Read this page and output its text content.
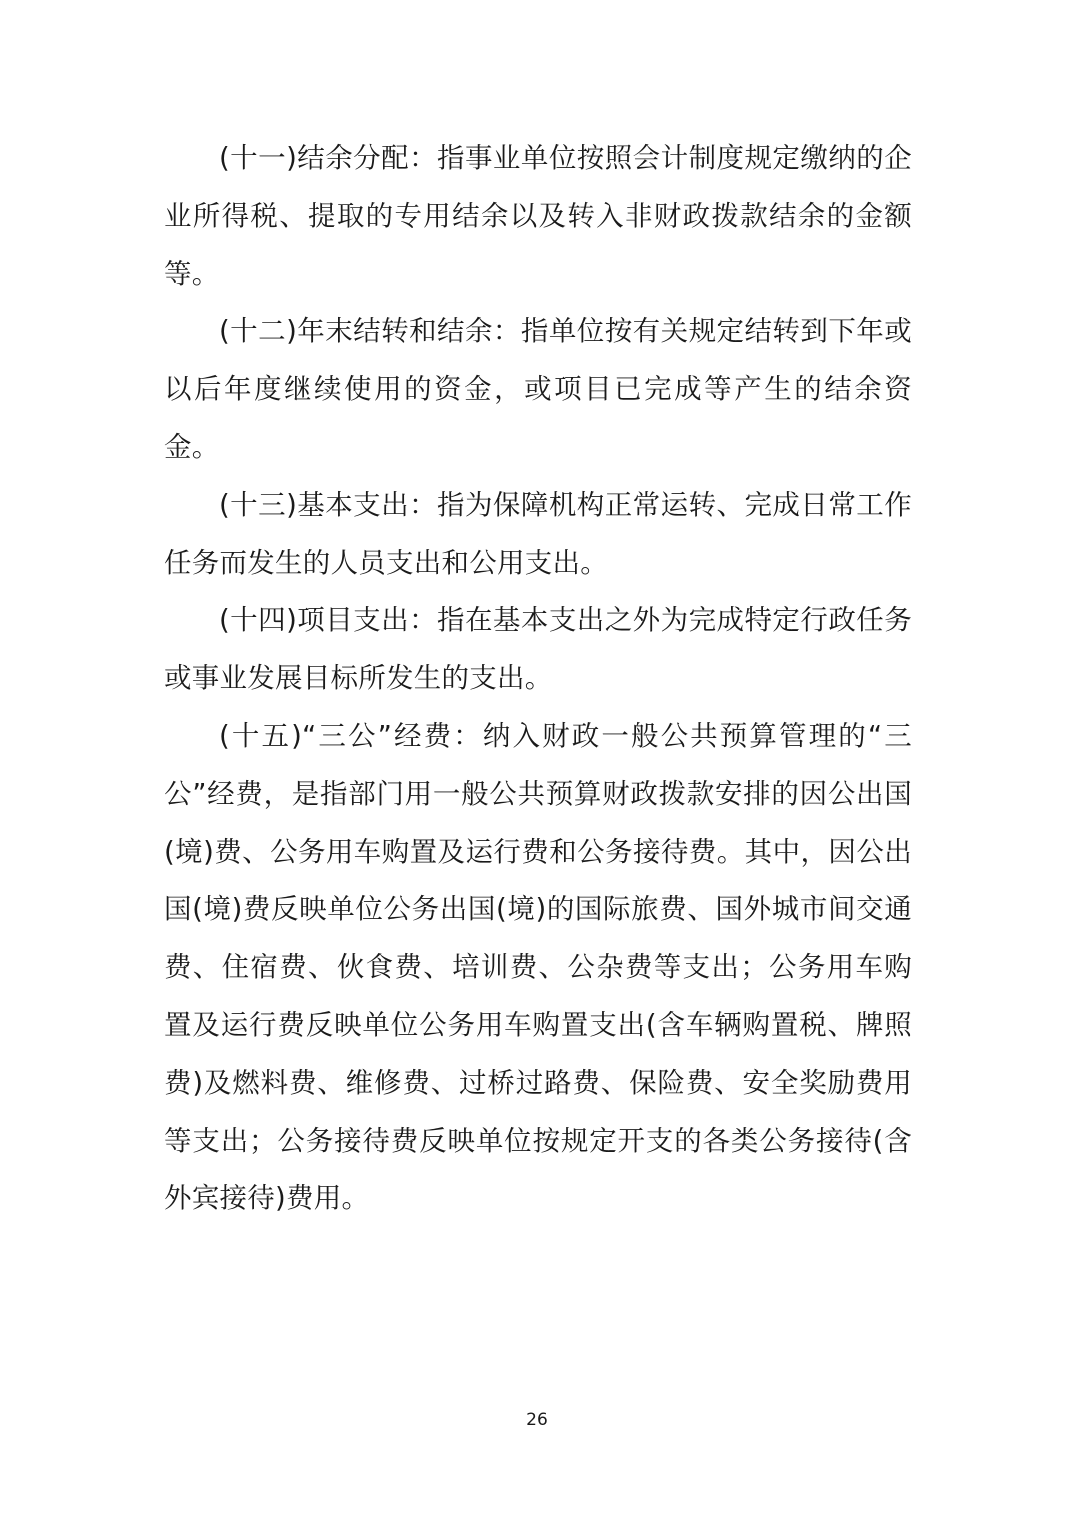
(十一)结余分配：指事业单位按照会计制度规定缴纳的企业所得税、提取的专用结余以及转入非财政拨款结余的金额等。

(十二)年末结转和结余：指单位按有关规定结转到下年或以后年度继续使用的资金，或项目已完成等产生的结余资金。

(十三)基本支出：指为保障机构正常运转、完成日常工作任务而发生的人员支出和公用支出。

(十四)项目支出：指在基本支出之外为完成特定行政任务或事业发展目标所发生的支出。

(十五)“三公”经费：纳入财政一般公共预算管理的“三公”经费，是指部门用一般公共预算财政拨款安排的因公出国(境)费、公务用车购置及运行费和公务接待费。其中，因公出国(境)费反映单位公务出国(境)的国际旅费、国外城市间交通费、住宿费、伙食费、培训费、公杂费等支出；公务用车购置及运行费反映单位公务用车购置支出(含车辆购置税、牌照费)及燃料费、维修费、过桥过路费、保险费、安全奖励费用等支出；公务接待费反映单位按规定开支的各类公务接待(含外宾接待)费用。

26
